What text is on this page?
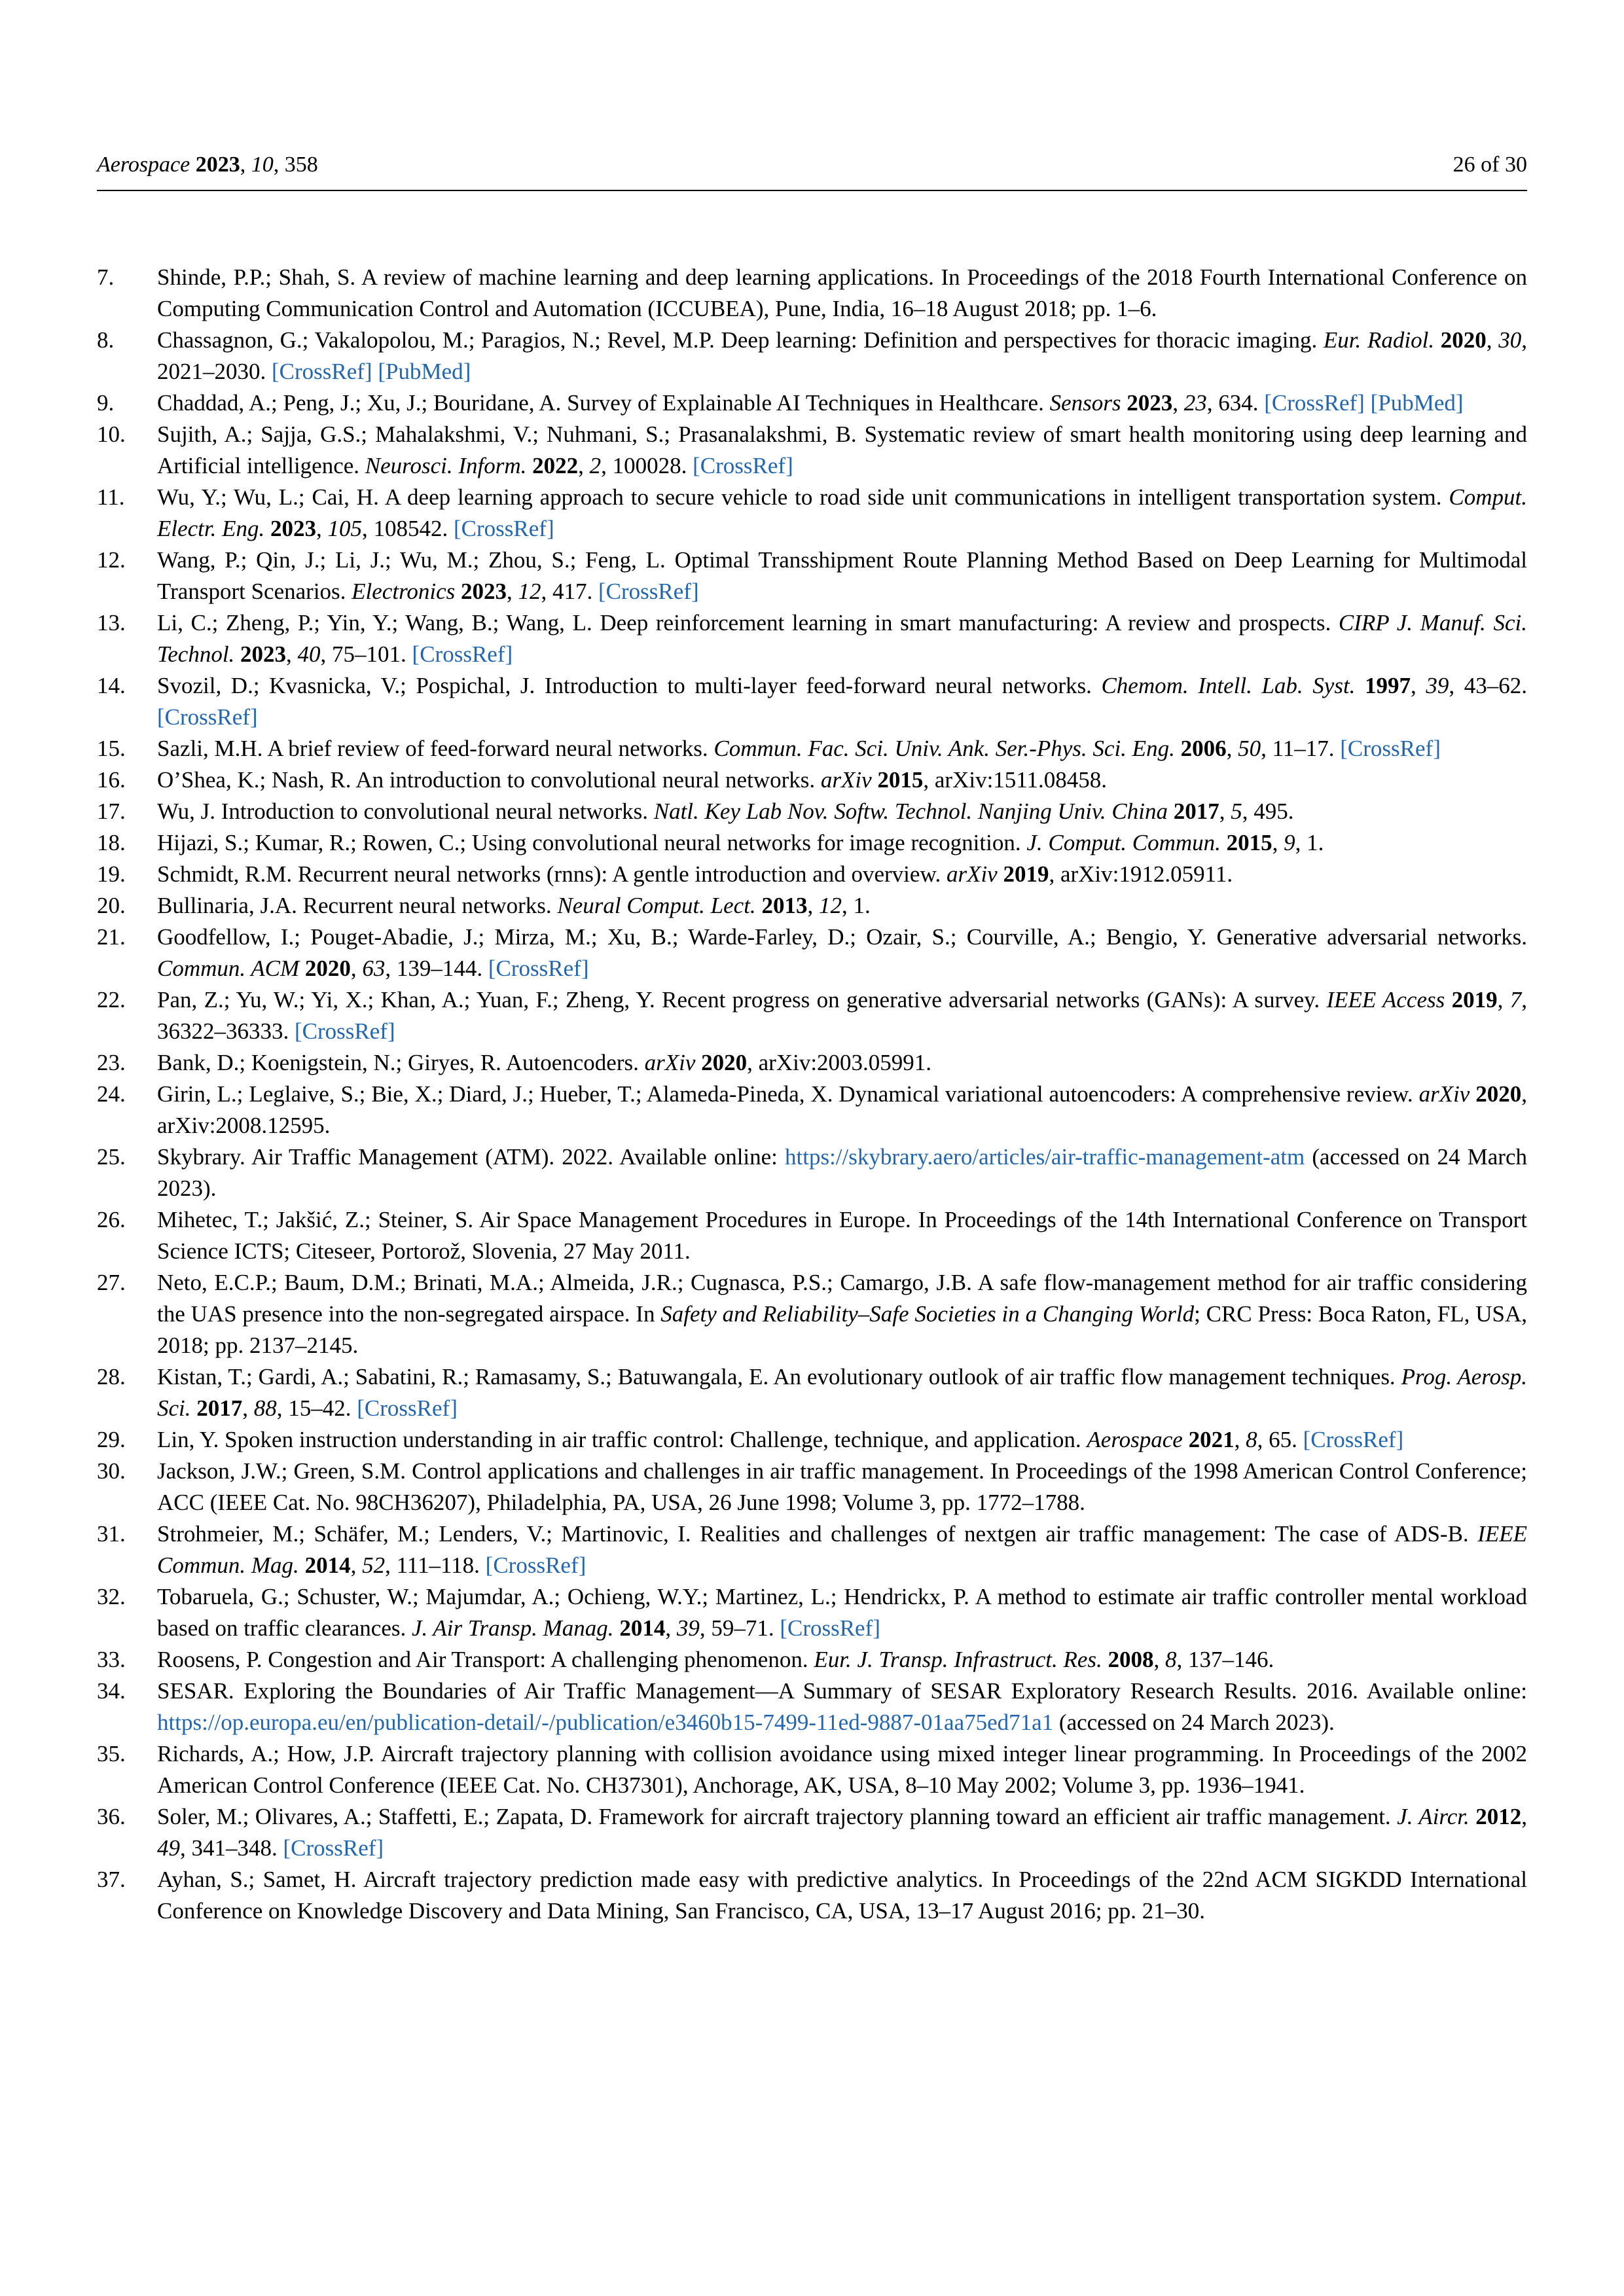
Aerospace 2023, 10, 358	26 of 30
7. Shinde, P.P.; Shah, S. A review of machine learning and deep learning applications. In Proceedings of the 2018 Fourth International Conference on Computing Communication Control and Automation (ICCUBEA), Pune, India, 16–18 August 2018; pp. 1–6.
8. Chassagnon, G.; Vakalopolou, M.; Paragios, N.; Revel, M.P. Deep learning: Definition and perspectives for thoracic imaging. Eur. Radiol. 2020, 30, 2021–2030. [CrossRef] [PubMed]
9. Chaddad, A.; Peng, J.; Xu, J.; Bouridane, A. Survey of Explainable AI Techniques in Healthcare. Sensors 2023, 23, 634. [CrossRef] [PubMed]
10. Sujith, A.; Sajja, G.S.; Mahalakshmi, V.; Nuhmani, S.; Prasanalakshmi, B. Systematic review of smart health monitoring using deep learning and Artificial intelligence. Neurosci. Inform. 2022, 2, 100028. [CrossRef]
11. Wu, Y.; Wu, L.; Cai, H. A deep learning approach to secure vehicle to road side unit communications in intelligent transportation system. Comput. Electr. Eng. 2023, 105, 108542. [CrossRef]
12. Wang, P.; Qin, J.; Li, J.; Wu, M.; Zhou, S.; Feng, L. Optimal Transshipment Route Planning Method Based on Deep Learning for Multimodal Transport Scenarios. Electronics 2023, 12, 417. [CrossRef]
13. Li, C.; Zheng, P.; Yin, Y.; Wang, B.; Wang, L. Deep reinforcement learning in smart manufacturing: A review and prospects. CIRP J. Manuf. Sci. Technol. 2023, 40, 75–101. [CrossRef]
14. Svozil, D.; Kvasnicka, V.; Pospichal, J. Introduction to multi-layer feed-forward neural networks. Chemom. Intell. Lab. Syst. 1997, 39, 43–62. [CrossRef]
15. Sazli, M.H. A brief review of feed-forward neural networks. Commun. Fac. Sci. Univ. Ank. Ser.-Phys. Sci. Eng. 2006, 50, 11–17. [CrossRef]
16. O’Shea, K.; Nash, R. An introduction to convolutional neural networks. arXiv 2015, arXiv:1511.08458.
17. Wu, J. Introduction to convolutional neural networks. Natl. Key Lab Nov. Softw. Technol. Nanjing Univ. China 2017, 5, 495.
18. Hijazi, S.; Kumar, R.; Rowen, C.; Using convolutional neural networks for image recognition. J. Comput. Commun. 2015, 9, 1.
19. Schmidt, R.M. Recurrent neural networks (rnns): A gentle introduction and overview. arXiv 2019, arXiv:1912.05911.
20. Bullinaria, J.A. Recurrent neural networks. Neural Comput. Lect. 2013, 12, 1.
21. Goodfellow, I.; Pouget-Abadie, J.; Mirza, M.; Xu, B.; Warde-Farley, D.; Ozair, S.; Courville, A.; Bengio, Y. Generative adversarial networks. Commun. ACM 2020, 63, 139–144. [CrossRef]
22. Pan, Z.; Yu, W.; Yi, X.; Khan, A.; Yuan, F.; Zheng, Y. Recent progress on generative adversarial networks (GANs): A survey. IEEE Access 2019, 7, 36322–36333. [CrossRef]
23. Bank, D.; Koenigstein, N.; Giryes, R. Autoencoders. arXiv 2020, arXiv:2003.05991.
24. Girin, L.; Leglaive, S.; Bie, X.; Diard, J.; Hueber, T.; Alameda-Pineda, X. Dynamical variational autoencoders: A comprehensive review. arXiv 2020, arXiv:2008.12595.
25. Skybrary. Air Traffic Management (ATM). 2022. Available online: https://skybrary.aero/articles/air-traffic-management-atm (accessed on 24 March 2023).
26. Mihetec, T.; Jakšić, Z.; Steiner, S. Air Space Management Procedures in Europe. In Proceedings of the 14th International Conference on Transport Science ICTS; Citeseer, Portorož, Slovenia, 27 May 2011.
27. Neto, E.C.P.; Baum, D.M.; Brinati, M.A.; Almeida, J.R.; Cugnasca, P.S.; Camargo, J.B. A safe flow-management method for air traffic considering the UAS presence into the non-segregated airspace. In Safety and Reliability–Safe Societies in a Changing World; CRC Press: Boca Raton, FL, USA, 2018; pp. 2137–2145.
28. Kistan, T.; Gardi, A.; Sabatini, R.; Ramasamy, S.; Batuwangala, E. An evolutionary outlook of air traffic flow management techniques. Prog. Aerosp. Sci. 2017, 88, 15–42. [CrossRef]
29. Lin, Y. Spoken instruction understanding in air traffic control: Challenge, technique, and application. Aerospace 2021, 8, 65. [CrossRef]
30. Jackson, J.W.; Green, S.M. Control applications and challenges in air traffic management. In Proceedings of the 1998 American Control Conference; ACC (IEEE Cat. No. 98CH36207), Philadelphia, PA, USA, 26 June 1998; Volume 3, pp. 1772–1788.
31. Strohmeier, M.; Schäfer, M.; Lenders, V.; Martinovic, I. Realities and challenges of nextgen air traffic management: The case of ADS-B. IEEE Commun. Mag. 2014, 52, 111–118. [CrossRef]
32. Tobaruela, G.; Schuster, W.; Majumdar, A.; Ochieng, W.Y.; Martinez, L.; Hendrickx, P. A method to estimate air traffic controller mental workload based on traffic clearances. J. Air Transp. Manag. 2014, 39, 59–71. [CrossRef]
33. Roosens, P. Congestion and Air Transport: A challenging phenomenon. Eur. J. Transp. Infrastruct. Res. 2008, 8, 137–146.
34. SESAR. Exploring the Boundaries of Air Traffic Management—A Summary of SESAR Exploratory Research Results. 2016. Available online: https://op.europa.eu/en/publication-detail/-/publication/e3460b15-7499-11ed-9887-01aa75ed71a1 (accessed on 24 March 2023).
35. Richards, A.; How, J.P. Aircraft trajectory planning with collision avoidance using mixed integer linear programming. In Proceedings of the 2002 American Control Conference (IEEE Cat. No. CH37301), Anchorage, AK, USA, 8–10 May 2002; Volume 3, pp. 1936–1941.
36. Soler, M.; Olivares, A.; Staffetti, E.; Zapata, D. Framework for aircraft trajectory planning toward an efficient air traffic management. J. Aircr. 2012, 49, 341–348. [CrossRef]
37. Ayhan, S.; Samet, H. Aircraft trajectory prediction made easy with predictive analytics. In Proceedings of the 22nd ACM SIGKDD International Conference on Knowledge Discovery and Data Mining, San Francisco, CA, USA, 13–17 August 2016; pp. 21–30.
